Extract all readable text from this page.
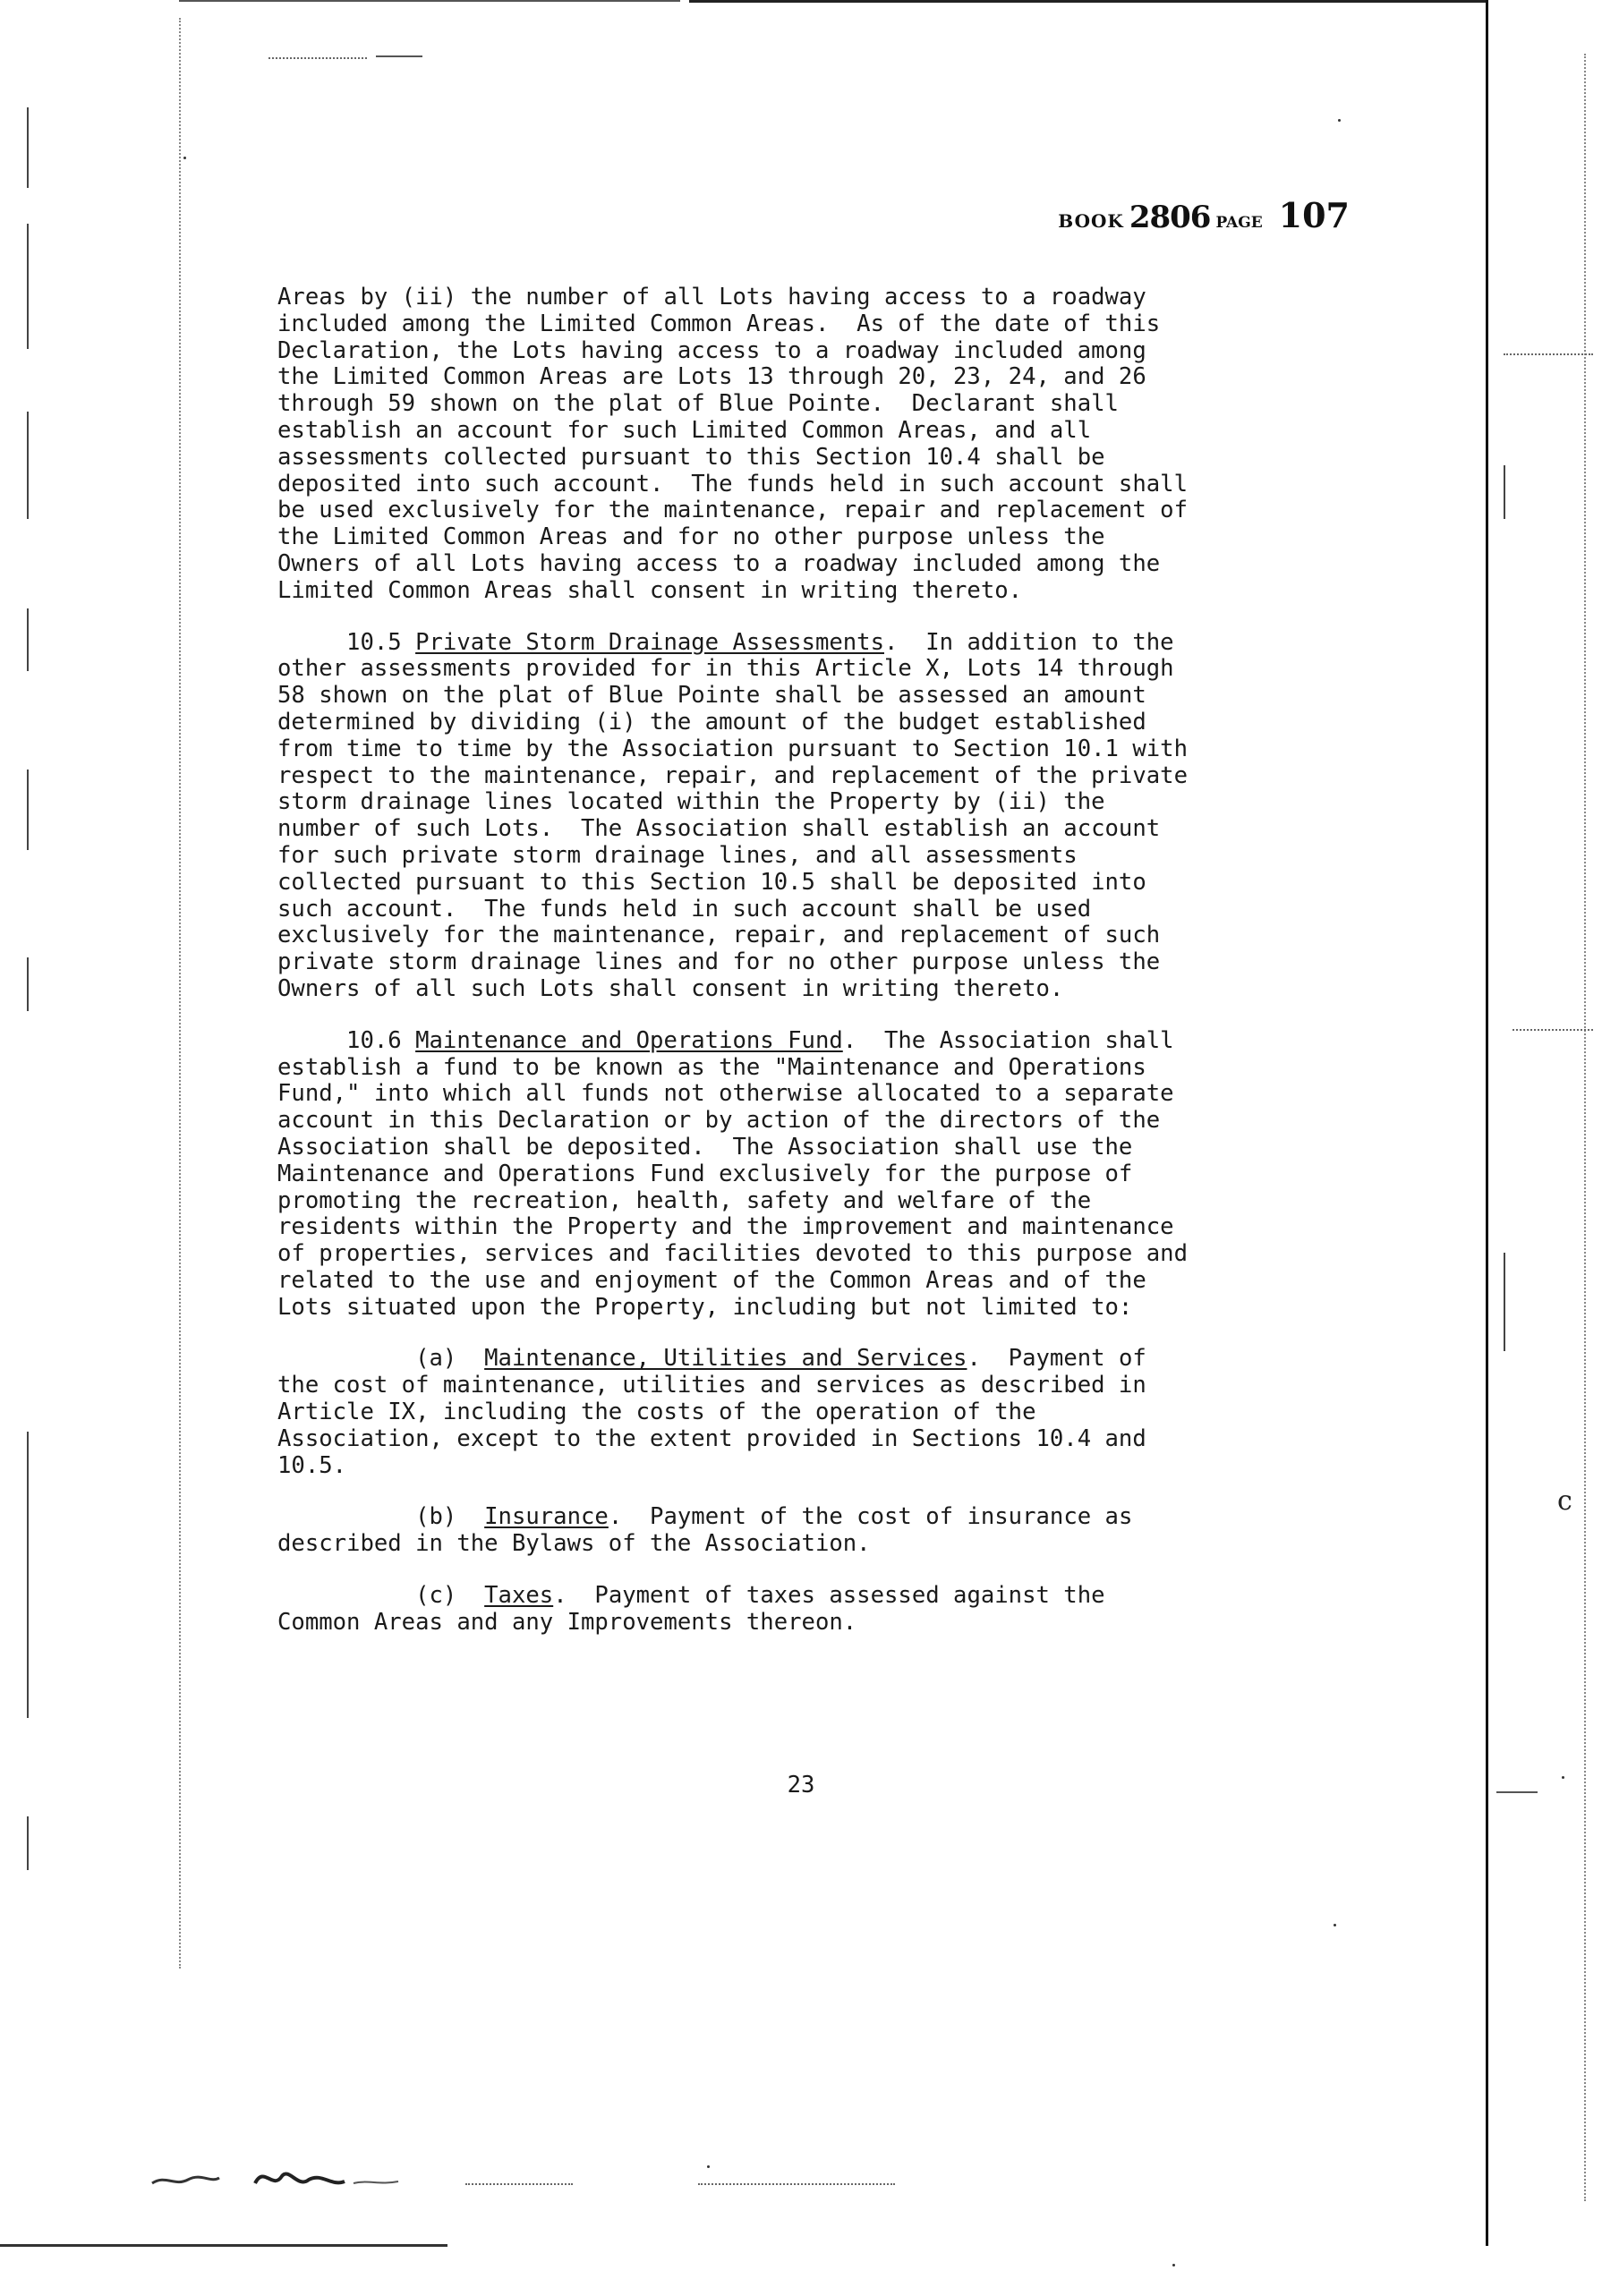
BOOK 2806 PAGE 107
Areas by (ii) the number of all Lots having access to a roadway
included among the Limited Common Areas.  As of the date of this
Declaration, the Lots having access to a roadway included among
the Limited Common Areas are Lots 13 through 20, 23, 24, and 26
through 59 shown on the plat of Blue Pointe.  Declarant shall
establish an account for such Limited Common Areas, and all
assessments collected pursuant to this Section 10.4 shall be
deposited into such account.  The funds held in such account shall
be used exclusively for the maintenance, repair and replacement of
the Limited Common Areas and for no other purpose unless the
Owners of all Lots having access to a roadway included among the
Limited Common Areas shall consent in writing thereto.
10.5 Private Storm Drainage Assessments.  In addition to the
other assessments provided for in this Article X, Lots 14 through
58 shown on the plat of Blue Pointe shall be assessed an amount
determined by dividing (i) the amount of the budget established
from time to time by the Association pursuant to Section 10.1 with
respect to the maintenance, repair, and replacement of the private
storm drainage lines located within the Property by (ii) the
number of such Lots.  The Association shall establish an account
for such private storm drainage lines, and all assessments
collected pursuant to this Section 10.5 shall be deposited into
such account.  The funds held in such account shall be used
exclusively for the maintenance, repair, and replacement of such
private storm drainage lines and for no other purpose unless the
Owners of all such Lots shall consent in writing thereto.
10.6 Maintenance and Operations Fund.  The Association shall
establish a fund to be known as the "Maintenance and Operations
Fund," into which all funds not otherwise allocated to a separate
account in this Declaration or by action of the directors of the
Association shall be deposited.  The Association shall use the
Maintenance and Operations Fund exclusively for the purpose of
promoting the recreation, health, safety and welfare of the
residents within the Property and the improvement and maintenance
of properties, services and facilities devoted to this purpose and
related to the use and enjoyment of the Common Areas and of the
Lots situated upon the Property, including but not limited to:
(a)  Maintenance, Utilities and Services.  Payment of
the cost of maintenance, utilities and services as described in
Article IX, including the costs of the operation of the
Association, except to the extent provided in Sections 10.4 and
10.5.
(b)  Insurance.  Payment of the cost of insurance as
described in the Bylaws of the Association.
(c)  Taxes.  Payment of taxes assessed against the
Common Areas and any Improvements thereon.
23
c
